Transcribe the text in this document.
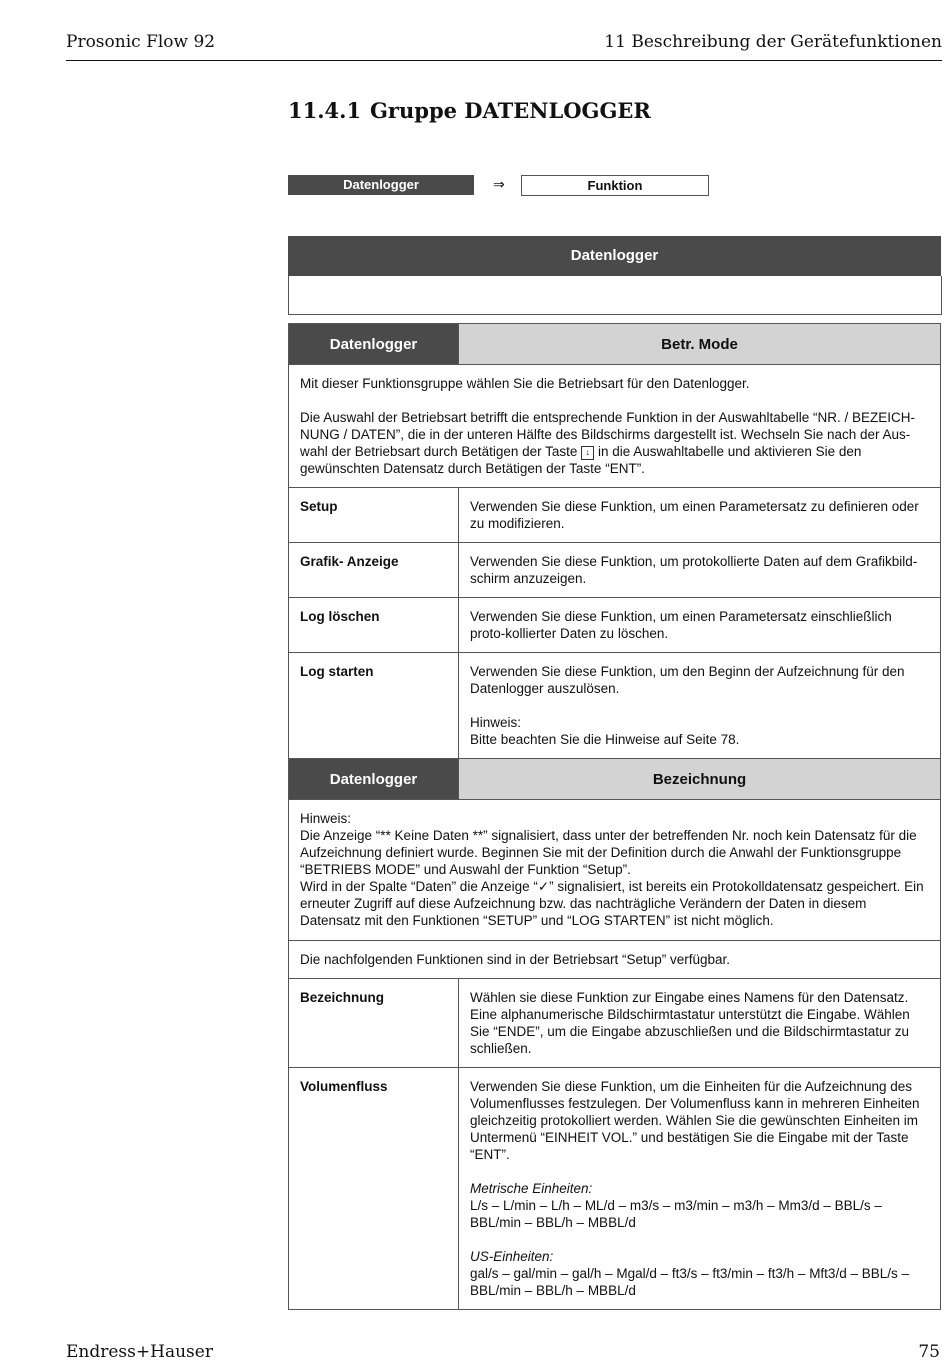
Prosonic Flow 92	11 Beschreibung der Gerätefunktionen
11.4.1 Gruppe DATENLOGGER
Datenlogger	⇒	Funktion
Datenlogger
Datenlogger	Betr. Mode

Mit dieser Funktionsgruppe wählen Sie die Betriebsart für den Datenlogger.

Die Auswahl der Betriebsart betrifft die entsprechende Funktion in der Auswahltabelle “NR. / BEZEICH-NUNG / DATEN”, die in der unteren Hälfte des Bildschirms dargestellt ist. Wechseln Sie nach der Aus-wahl der Betriebsart durch Betätigen der Taste ↓ in die Auswahltabelle und aktivieren Sie den gewünschten Datensatz durch Betätigen der Taste “ENT”.	

Setup	Verwenden Sie diese Funktion, um einen Parametersatz zu definieren oder zu modifizieren.
Grafik- Anzeige	Verwenden Sie diese Funktion, um protokollierte Daten auf dem Grafikbild-schirm anzuzeigen.
Log löschen	Verwenden Sie diese Funktion, um einen Parametersatz einschließlich proto-kollierter Daten zu löschen.
Log starten	Verwenden Sie diese Funktion, um den Beginn der Aufzeichnung für den Datenlogger auszulösen.

Hinweis:

Bitte beachten Sie die Hinweise auf Seite 78.

Datenlogger	Bezeichnung

Hinweis:

Die Anzeige “** Keine Daten **” signalisiert, dass unter der betreffenden Nr. noch kein Datensatz für die Aufzeichnung definiert wurde. Beginnen Sie mit der Definition durch die Anwahl der Funktionsgruppe “BETRIEBS MODE” und Auswahl der Funktion “Setup”.

Wird in der Spalte “Daten” die Anzeige “✓” signalisiert, ist bereits ein Protokolldatensatz gespeichert. Ein erneuter Zugriff auf diese Aufzeichnung bzw. das nachträgliche Verändern der Daten in diesem Datensatz mit den Funktionen “SETUP” und “LOG STARTEN” ist nicht möglich.	

Die nachfolgenden Funktionen sind in der Betriebsart “Setup” verfügbar.	
Bezeichnung	Wählen sie diese Funktion zur Eingabe eines Namens für den Datensatz. Eine alphanumerische Bildschirmtastatur unterstützt die Eingabe. Wählen Sie “ENDE”, um die Eingabe abzuschließen und die Bildschirmtastatur zu schließen.
Volumenfluss	Verwenden Sie diese Funktion, um die Einheiten für die Aufzeichnung des Volumenflusses festzulegen. Der Volumenfluss kann in mehreren Einheiten gleichzeitig protokolliert werden. Wählen Sie die gewünschten Einheiten im Untermenü “EINHEIT VOL.” und bestätigen Sie die Eingabe mit der Taste “ENT”.

Metrische Einheiten:

L/s – L/min – L/h – ML/d – m3/s – m3/min – m3/h – Mm3/d – BBL/s – BBL/min – BBL/h – MBBL/d

US-Einheiten:

gal/s – gal/min – gal/h – Mgal/d – ft3/s – ft3/min – ft3/h – Mft3/d – BBL/s – BBL/min – BBL/h – MBBL/d

Endress+Hauser	75
